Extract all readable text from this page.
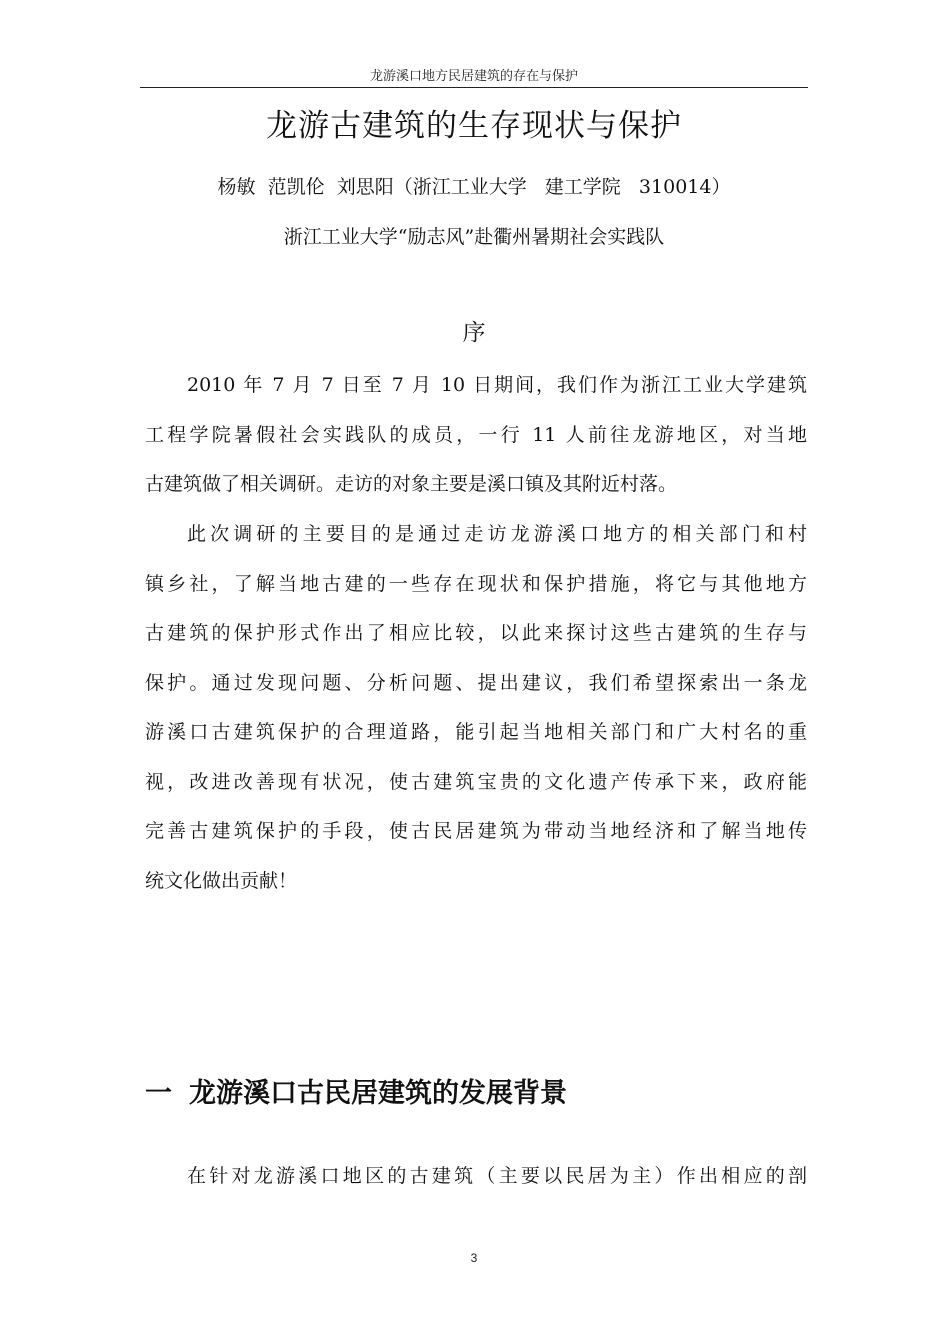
龙游溪口地方民居建筑的存在与保护
龙游古建筑的生存现状与保护
杨敏  范凯伦  刘思阳（浙江工业大学   建工学院   310014）
浙江工业大学“励志风”赴衢州暑期社会实践队
序
2010 年 7 月 7 日至 7 月 10 日期间，我们作为浙江工业大学建筑
工程学院暑假社会实践队的成员，一行 11 人前往龙游地区，对当地
古建筑做了相关调研。走访的对象主要是溪口镇及其附近村落。
此次调研的主要目的是通过走访龙游溪口地方的相关部门和村
镇乡社，了解当地古建的一些存在现状和保护措施，将它与其他地方
古建筑的保护形式作出了相应比较，以此来探讨这些古建筑的生存与
保护。通过发现问题、分析问题、提出建议，我们希望探索出一条龙
游溪口古建筑保护的合理道路，能引起当地相关部门和广大村名的重
视，改进改善现有状况，使古建筑宝贵的文化遗产传承下来，政府能
完善古建筑保护的手段，使古民居建筑为带动当地经济和了解当地传
统文化做出贡献！
一 龙游溪口古民居建筑的发展背景
在针对龙游溪口地区的古建筑（主要以民居为主）作出相应的剖
3
